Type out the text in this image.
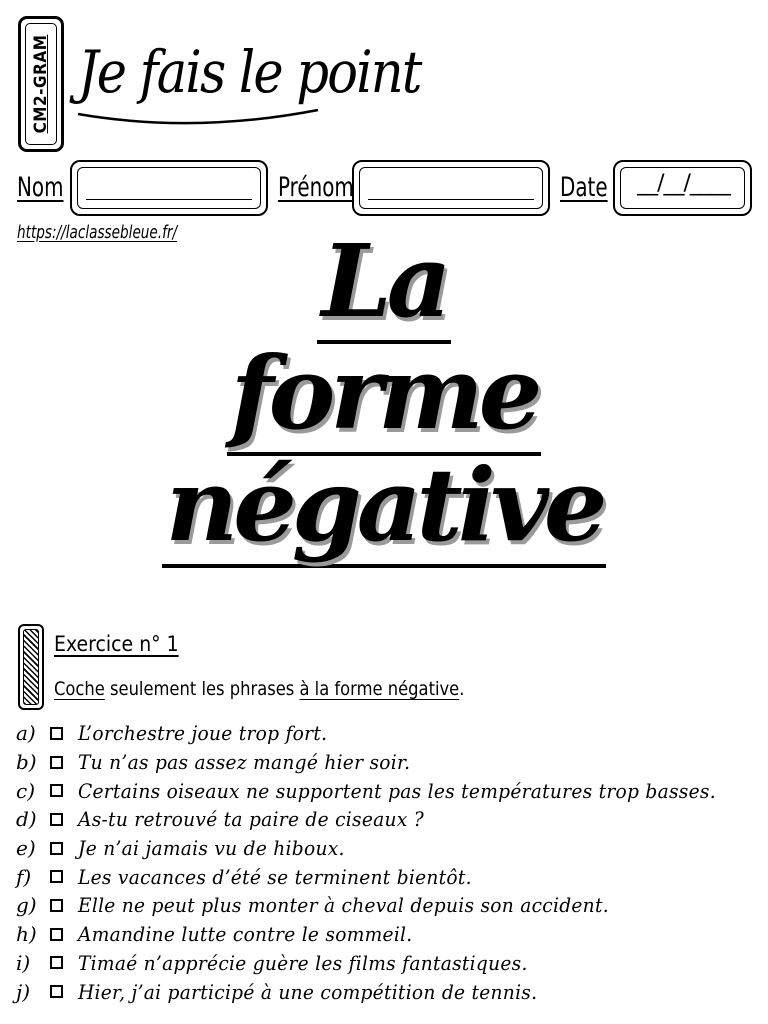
CM2-GRAM Je fais le point
Nom	Prénom	Date	__/__/____
https://laclassebleue.fr/	La
forme
négative
Exercice n° 1
Coche seulement les phrases à la forme négative.
a)	L’orchestre joue trop fort.
b)	Tu n’as pas assez mangé hier soir.
c)	Certains oiseaux ne supportent pas les températures trop basses.
d)	As-tu retrouvé ta paire de ciseaux ?
e)	Je n’ai jamais vu de hiboux.
f)	Les vacances d’été se terminent bientôt.
g)	Elle ne peut plus monter à cheval depuis son accident.
h)	Amandine lutte contre le sommeil.
i)	Timaé n’apprécie guère les films fantastiques.
j)	Hier, j’ai participé à une compétition de tennis.
